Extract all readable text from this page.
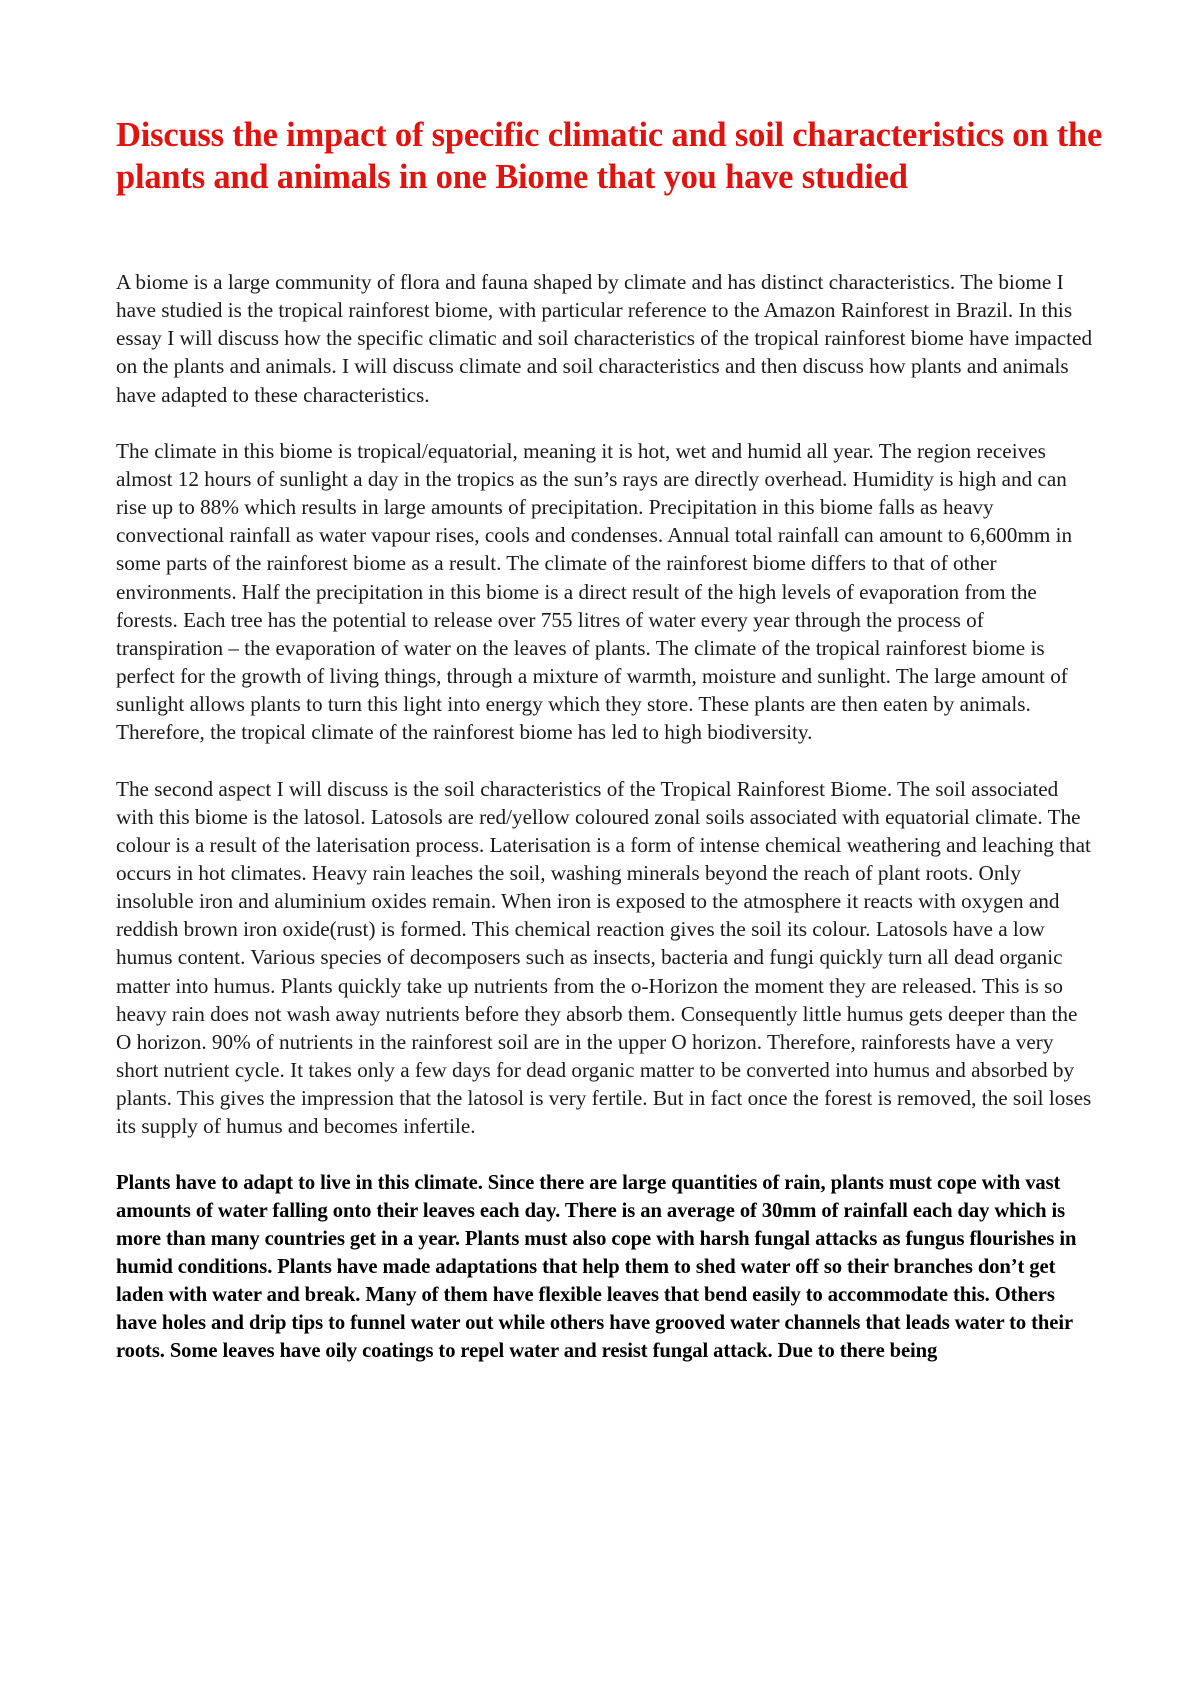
Discuss the impact of specific climatic and soil characteristics on the plants and animals in one Biome that you have studied

A biome is a large community of flora and fauna shaped by climate and has distinct characteristics. The biome I have studied is the tropical rainforest biome, with particular reference to the Amazon Rainforest in Brazil. In this essay I will discuss how the specific climatic and soil characteristics of the tropical rainforest biome have impacted on the plants and animals. I will discuss climate and soil characteristics and then discuss how plants and animals have adapted to these characteristics.

The climate in this biome is tropical/equatorial, meaning it is hot, wet and humid all year. The region receives almost 12 hours of sunlight a day in the tropics as the sun’s rays are directly overhead. Humidity is high and can rise up to 88% which results in large amounts of precipitation. Precipitation in this biome falls as heavy convectional rainfall as water vapour rises, cools and condenses. Annual total rainfall can amount to 6,600mm in some parts of the rainforest biome as a result. The climate of the rainforest biome differs to that of other environments. Half the precipitation in this biome is a direct result of the high levels of evaporation from the forests. Each tree has the potential to release over 755 litres of water every year through the process of transpiration – the evaporation of water on the leaves of plants. The climate of the tropical rainforest biome is perfect for the growth of living things, through a mixture of warmth, moisture and sunlight. The large amount of sunlight allows plants to turn this light into energy which they store. These plants are then eaten by animals. Therefore, the tropical climate of the rainforest biome has led to high biodiversity.

The second aspect I will discuss is the soil characteristics of the Tropical Rainforest Biome. The soil associated with this biome is the latosol. Latosols are red/yellow coloured zonal soils associated with equatorial climate. The colour is a result of the laterisation process. Laterisation is a form of intense chemical weathering and leaching that occurs in hot climates. Heavy rain leaches the soil, washing minerals beyond the reach of plant roots. Only insoluble iron and aluminium oxides remain. When iron is exposed to the atmosphere it reacts with oxygen and reddish brown iron oxide(rust) is formed. This chemical reaction gives the soil its colour. Latosols have a low humus content. Various species of decomposers such as insects, bacteria and fungi quickly turn all dead organic matter into humus. Plants quickly take up nutrients from the o-Horizon the moment they are released. This is so heavy rain does not wash away nutrients before they absorb them. Consequently little humus gets deeper than the O horizon. 90% of nutrients in the rainforest soil are in the upper O horizon. Therefore, rainforests have a very short nutrient cycle. It takes only a few days for dead organic matter to be converted into humus and absorbed by plants. This gives the impression that the latosol is very fertile. But in fact once the forest is removed, the soil loses its supply of humus and becomes infertile.

Plants have to adapt to live in this climate. Since there are large quantities of rain, plants must cope with vast amounts of water falling onto their leaves each day. There is an average of 30mm of rainfall each day which is more than many countries get in a year. Plants must also cope with harsh fungal attacks as fungus flourishes in humid conditions. Plants have made adaptations that help them to shed water off so their branches don’t get laden with water and break. Many of them have flexible leaves that bend easily to accommodate this. Others have holes and drip tips to funnel water out while others have grooved water channels that leads water to their roots. Some leaves have oily coatings to repel water and resist fungal attack. Due to there being
